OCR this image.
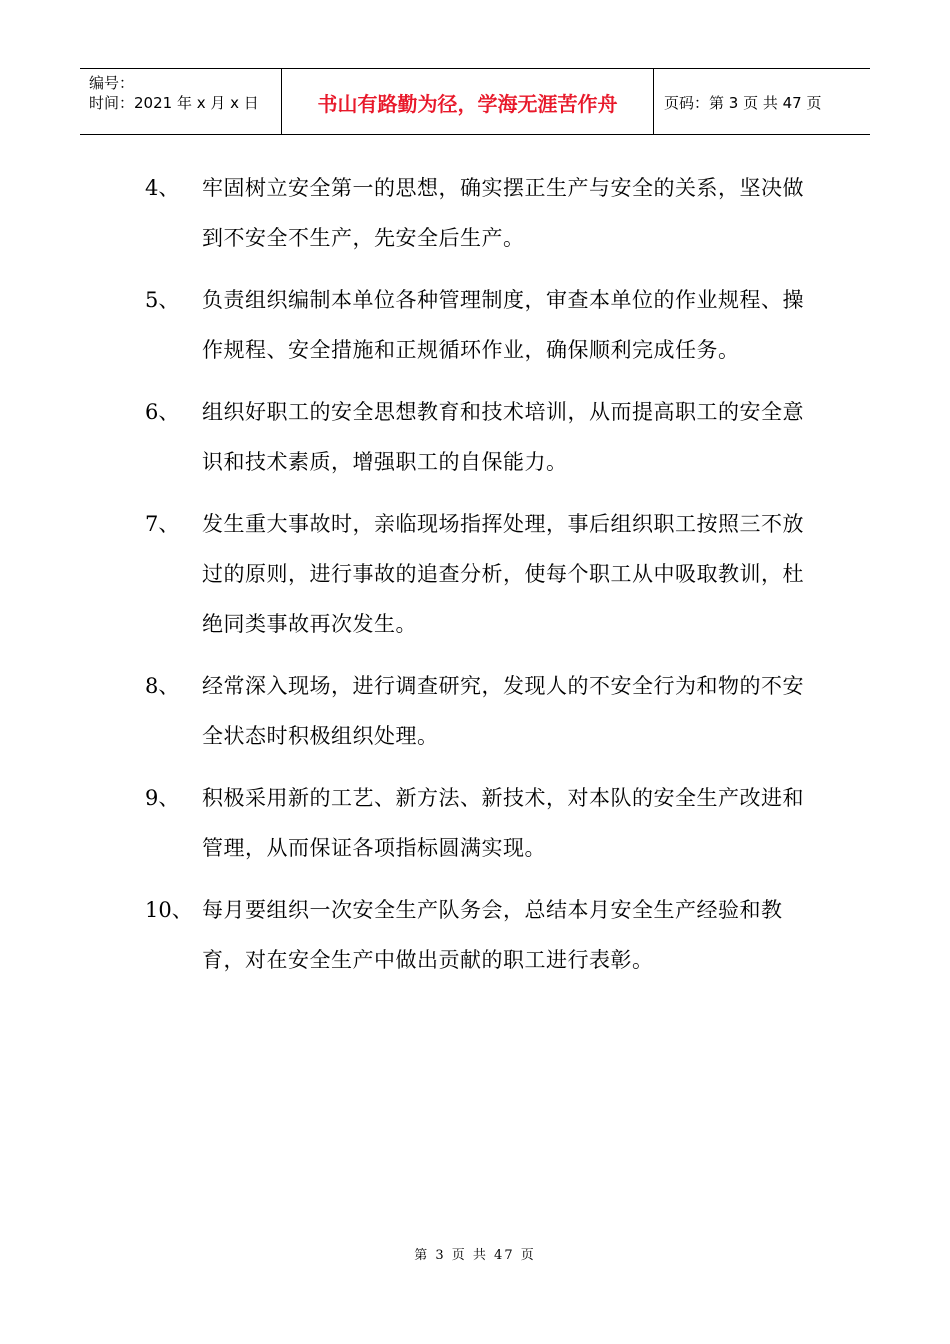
编号：
时间：2021 年 x 月 x 日	书山有路勤为径，学海无涯苦作舟	页码：第 3 页 共 47 页
4、	牢固树立安全第一的思想，确实摆正生产与安全的关系，坚决做到不安全不生产，先安全后生产。
5、	负责组织编制本单位各种管理制度，审查本单位的作业规程、操作规程、安全措施和正规循环作业，确保顺利完成任务。
6、	组织好职工的安全思想教育和技术培训，从而提高职工的安全意识和技术素质，增强职工的自保能力。
7、	发生重大事故时，亲临现场指挥处理，事后组织职工按照三不放过的原则，进行事故的追查分析，使每个职工从中吸取教训，杜绝同类事故再次发生。
8、	经常深入现场，进行调查研究，发现人的不安全行为和物的不安全状态时积极组织处理。
9、	积极采用新的工艺、新方法、新技术，对本队的安全生产改进和管理，从而保证各项指标圆满实现。
10、 每月要组织一次安全生产队务会，总结本月安全生产经验和教育，对在安全生产中做出贡献的职工进行表彰。
第 3 页 共 47 页
